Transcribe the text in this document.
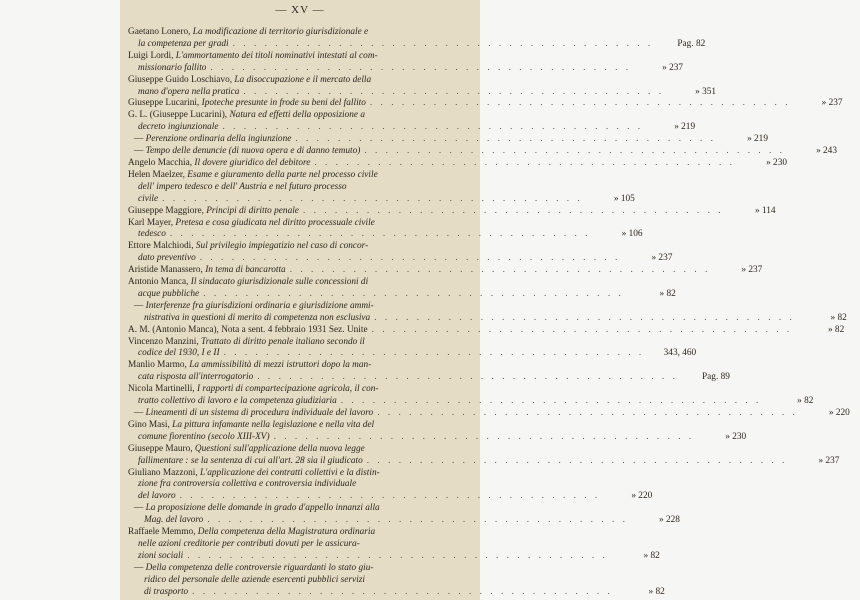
— XV —
Gaetano Lonero, La modificazione di territorio giurisdizionale e
la competenza per gradi . . . . . . . . . . . . . . . . . . . . . . . . . . . . . . . . . . . . . . . .	Pag. 82
Luigi Lordi, L'ammortamento dei titoli nominativi intestati al com-
missionario fallito . . . . . . . . . . . . . . . . . . . . . . . . . . . . . . . . . . . . . . . .	» 237
Giuseppe Guido Loschiavo, La disoccupazione e il mercato della
mano d'opera nella pratica . . . . . . . . . . . . . . . . . . . . . . . . . . . . . . . . . . . . . . . .	» 351
Giuseppe Lucarini, Ipoteche presunte in frode su beni del fallito . . . . . . . . . . . . . . . . . . . . . . . . . . . . . . . . . . . . . . . .	» 237
G. L. (Giuseppe Lucarini), Natura ed effetti della opposizione a
decreto ingiunzionale . . . . . . . . . . . . . . . . . . . . . . . . . . . . . . . . . . . . . . . .	» 219
— Perenzione ordinaria della ingiunzione . . . . . . . . . . . . . . . . . . . . . . . . . . . . . . . . . . . . . . . .	» 219
— Tempo delle denuncie (di nuova opera e di danno temuto) . . . . . . . . . . . . . . . . . . . . . . . . . . . . . . . . . . . . . . . .	» 243
Angelo Macchia, Il dovere giuridico del debitore . . . . . . . . . . . . . . . . . . . . . . . . . . . . . . . . . . . . . . . .	» 230
Helen Maelzer, Esame e giuramento della parte nel processo civile
dell' impero tedesco e dell' Austria e nel futuro processo
civile . . . . . . . . . . . . . . . . . . . . . . . . . . . . . . . . . . . . . . . .	» 105
Giuseppe Maggiore, Principi di diritto penale . . . . . . . . . . . . . . . . . . . . . . . . . . . . . . . . . . . . . . . .	» 114
Karl Mayer, Pretesa e cosa giudicata nel diritto processuale civile
tedesco . . . . . . . . . . . . . . . . . . . . . . . . . . . . . . . . . . . . . . . .	» 106
Ettore Malchiodi, Sul privilegio impiegatizio nel caso di concor-
dato preventivo . . . . . . . . . . . . . . . . . . . . . . . . . . . . . . . . . . . . . . . .	» 237
Aristide Manassero, In tema di bancarotta . . . . . . . . . . . . . . . . . . . . . . . . . . . . . . . . . . . . . . . .	» 237
Antonio Manca, Il sindacato giurisdizionale sulle concessioni di
acque pubbliche . . . . . . . . . . . . . . . . . . . . . . . . . . . . . . . . . . . . . . . .	» 82
— Interferenze fra giurisdizioni ordinaria e giurisdizione ammi-
nistrativa in questioni di merito di competenza non esclusiva . . . . . . . . . . . . . . . . . . . . . . . . . . . . . . . . . . . . . . . .	» 82
A. M. (Antonio Manca), Nota a sent. 4 febbraio 1931 Sez. Unite . . . . . . . . . . . . . . . . . . . . . . . . . . . . . . . . . . . . . . . .	» 82
Vincenzo Manzini, Trattato di diritto penale italiano secondo il
codice del 1930, I e II . . . . . . . . . . . . . . . . . . . . . . . . . . . . . . . . . . . . . . . .	343, 460
Manlio Marmo, La ammissibilità di mezzi istruttori dopo la man-
cata risposta all'interrogatorio . . . . . . . . . . . . . . . . . . . . . . . . . . . . . . . . . . . . . . . .	Pag. 89
Nicola Martinelli, I rapporti di compartecipazione agricola, il con-
tratto collettivo di lavoro e la competenza giudiziaria . . . . . . . . . . . . . . . . . . . . . . . . . . . . . . . . . . . . . . . .	» 82
— Lineamenti di un sistema di procedura individuale del lavoro . . . . . . . . . . . . . . . . . . . . . . . . . . . . . . . . . . . . . . . .	» 220
Gino Masi, La pittura infamante nella legislazione e nella vita del
comune fiorentino (secolo XIII-XV) . . . . . . . . . . . . . . . . . . . . . . . . . . . . . . . . . . . . . . . .	» 230
Giuseppe Mauro, Questioni sull'applicazione della nuova legge
fallimentare : se la sentenza di cui all'art. 28 sia il giudicato . . . . . . . . . . . . . . . . . . . . . . . . . . . . . . . . . . . . . . . .	» 237
Giuliano Mazzoni, L'applicazione dei contratti collettivi e la distin-
zione fra controversia collettiva e controversia individuale
del lavoro . . . . . . . . . . . . . . . . . . . . . . . . . . . . . . . . . . . . . . . .	» 220
— La proposizione delle domande in grado d'appello innanzi alla
Mag. del lavoro . . . . . . . . . . . . . . . . . . . . . . . . . . . . . . . . . . . . . . . .	» 228
Raffaele Memmo, Della competenza della Magistratura ordinaria
nelle azioni creditorie per contributi dovuti per le assicura-
zioni sociali . . . . . . . . . . . . . . . . . . . . . . . . . . . . . . . . . . . . . . . .	» 82
— Della competenza delle controversie riguardanti lo stato giu-
ridico del personale delle aziende esercenti pubblici servizi
di trasporto . . . . . . . . . . . . . . . . . . . . . . . . . . . . . . . . . . . . . . . .	» 82
